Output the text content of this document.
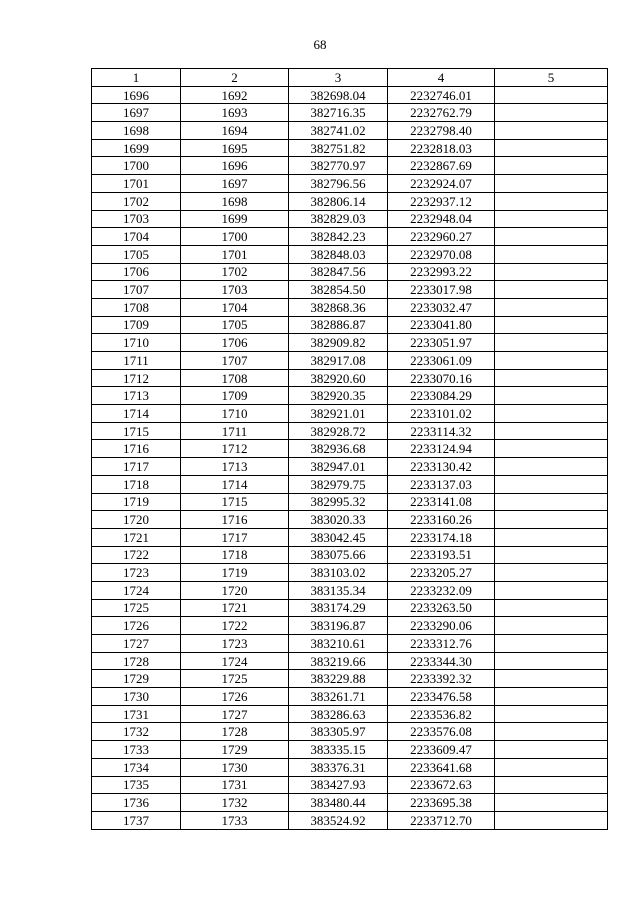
68
1	2	3	4	5
1696	1692	382698.04	2232746.01	
1697	1693	382716.35	2232762.79	
1698	1694	382741.02	2232798.40	
1699	1695	382751.82	2232818.03	
1700	1696	382770.97	2232867.69	
1701	1697	382796.56	2232924.07	
1702	1698	382806.14	2232937.12	
1703	1699	382829.03	2232948.04	
1704	1700	382842.23	2232960.27	
1705	1701	382848.03	2232970.08	
1706	1702	382847.56	2232993.22	
1707	1703	382854.50	2233017.98	
1708	1704	382868.36	2233032.47	
1709	1705	382886.87	2233041.80	
1710	1706	382909.82	2233051.97	
1711	1707	382917.08	2233061.09	
1712	1708	382920.60	2233070.16	
1713	1709	382920.35	2233084.29	
1714	1710	382921.01	2233101.02	
1715	1711	382928.72	2233114.32	
1716	1712	382936.68	2233124.94	
1717	1713	382947.01	2233130.42	
1718	1714	382979.75	2233137.03	
1719	1715	382995.32	2233141.08	
1720	1716	383020.33	2233160.26	
1721	1717	383042.45	2233174.18	
1722	1718	383075.66	2233193.51	
1723	1719	383103.02	2233205.27	
1724	1720	383135.34	2233232.09	
1725	1721	383174.29	2233263.50	
1726	1722	383196.87	2233290.06	
1727	1723	383210.61	2233312.76	
1728	1724	383219.66	2233344.30	
1729	1725	383229.88	2233392.32	
1730	1726	383261.71	2233476.58	
1731	1727	383286.63	2233536.82	
1732	1728	383305.97	2233576.08	
1733	1729	383335.15	2233609.47	
1734	1730	383376.31	2233641.68	
1735	1731	383427.93	2233672.63	
1736	1732	383480.44	2233695.38	
1737	1733	383524.92	2233712.70	
